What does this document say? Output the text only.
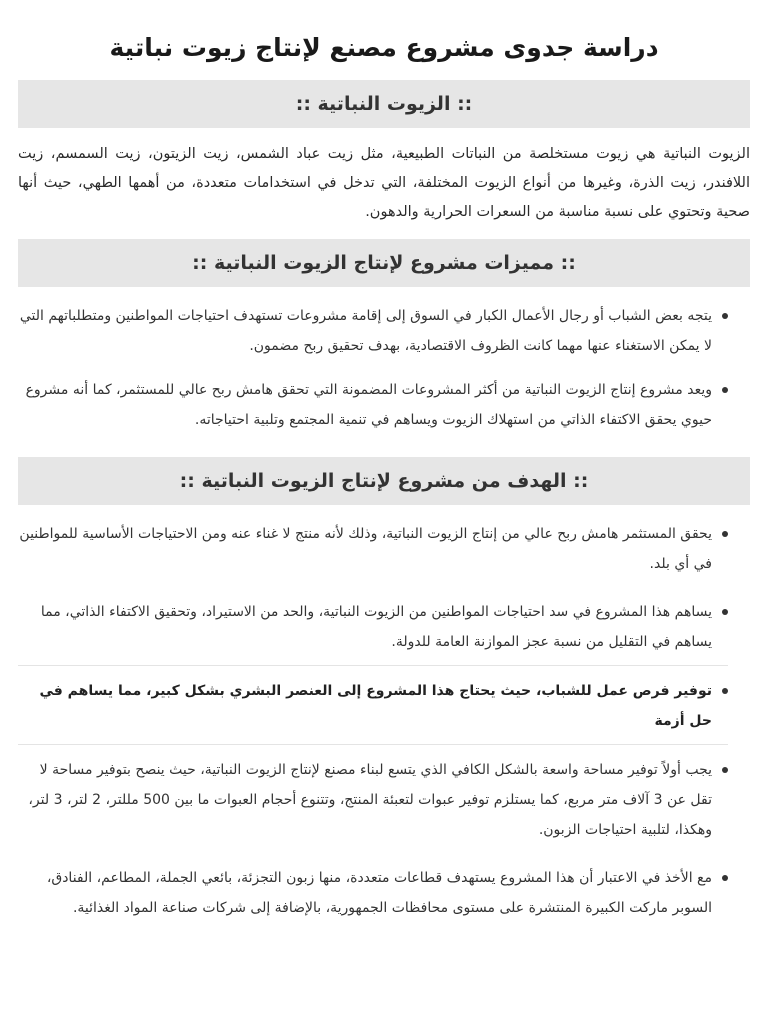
دراسة جدوى مشروع مصنع لإنتاج زيوت نباتية
:: الزيوت النباتية ::

الزيوت النباتية هي زيوت مستخلصة من النباتات الطبيعية، مثل زيت عباد الشمس، زيت الزيتون، زيت السمسم، زيت اللافندر، زيت الذرة، وغيرها من أنواع الزيوت المختلفة، التي تدخل في استخدامات متعددة، من أهمها الطهي، حيث أنها صحية وتحتوي على نسبة مناسبة من السعرات الحرارية والدهون.

:: مميزات مشروع لإنتاج الزيوت النباتية ::
يتجه بعض الشباب أو رجال الأعمال الكبار في السوق إلى إقامة مشروعات تستهدف احتياجات المواطنين ومتطلباتهم التي لا يمكن الاستغناء عنها مهما كانت الظروف الاقتصادية، بهدف تحقيق ربح مضمون.
ويعد مشروع إنتاج الزيوت النباتية من أكثر المشروعات المضمونة التي تحقق هامش ربح عالي للمستثمر، كما أنه مشروع حيوي يحقق الاكتفاء الذاتي من استهلاك الزيوت ويساهم في تنمية المجتمع وتلبية احتياجاته.
:: الهدف من مشروع لإنتاج الزيوت النباتية ::
يحقق المستثمر هامش ربح عالي من إنتاج الزيوت النباتية، وذلك لأنه منتج لا غناء عنه ومن الاحتياجات الأساسية للمواطنين في أي بلد.
يساهم هذا المشروع في سد احتياجات المواطنين من الزيوت النباتية، والحد من الاستيراد، وتحقيق الاكتفاء الذاتي، مما يساهم في التقليل من نسبة عجز الموازنة العامة للدولة.
توفير فرص عمل للشباب، حيث يحتاج هذا المشروع إلى العنصر البشري بشكل كبير، مما يساهم في حل أزمة
يجب أولاً توفير مساحة واسعة بالشكل الكافي الذي يتسع لبناء مصنع لإنتاج الزيوت النباتية، حيث ينصح بتوفير مساحة لا تقل عن 3 آلاف متر مربع، كما يستلزم توفير عبوات لتعبئة المنتج، وتتنوع أحجام العبوات ما بين 500 مللتر، 2 لتر، 3 لتر، وهكذا، لتلبية احتياجات الزبون.
مع الأخذ في الاعتبار أن هذا المشروع يستهدف قطاعات متعددة، منها زبون التجزئة، بائعي الجملة، المطاعم، الفنادق، السوبر ماركت الكبيرة المنتشرة على مستوى محافظات الجمهورية، بالإضافة إلى شركات صناعة المواد الغذائية.
